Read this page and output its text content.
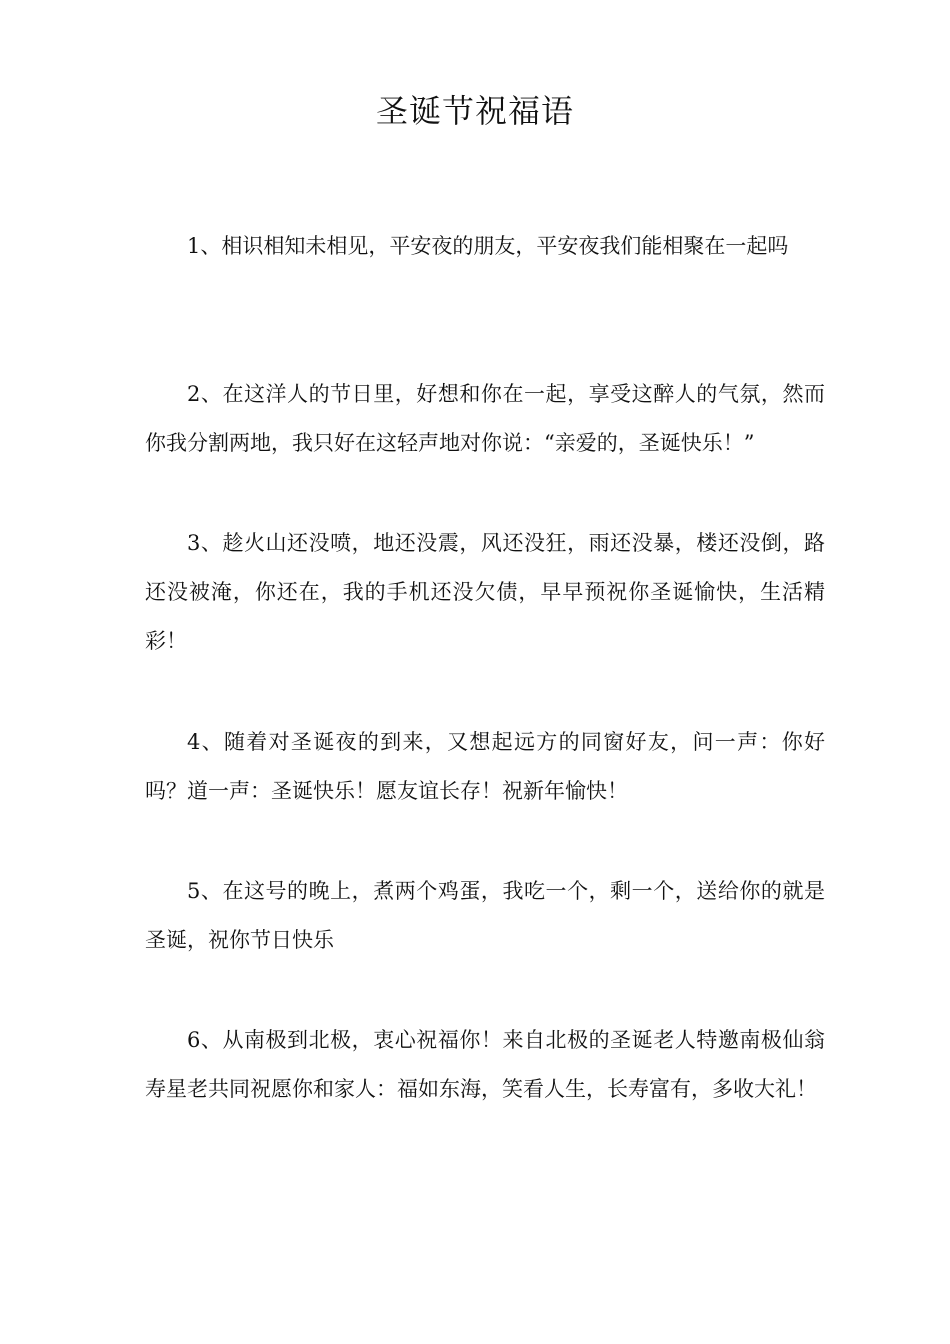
圣诞节祝福语

1、相识相知未相见，平安夜的朋友，平安夜我们能相聚在一起吗

2、在这洋人的节日里，好想和你在一起，享受这醉人的气氛，然而你我分割两地，我只好在这轻声地对你说：“亲爱的，圣诞快乐！”

3、趁火山还没喷，地还没震，风还没狂，雨还没暴，楼还没倒，路还没被淹，你还在，我的手机还没欠债，早早预祝你圣诞愉快，生活精彩！

4、随着对圣诞夜的到来，又想起远方的同窗好友，问一声：你好吗？道一声：圣诞快乐！愿友谊长存！祝新年愉快！

5、在这号的晚上，煮两个鸡蛋，我吃一个，剩一个，送给你的就是圣诞，祝你节日快乐

6、从南极到北极，衷心祝福你！来自北极的圣诞老人特邀南极仙翁寿星老共同祝愿你和家人：福如东海，笑看人生，长寿富有，多收大礼！
